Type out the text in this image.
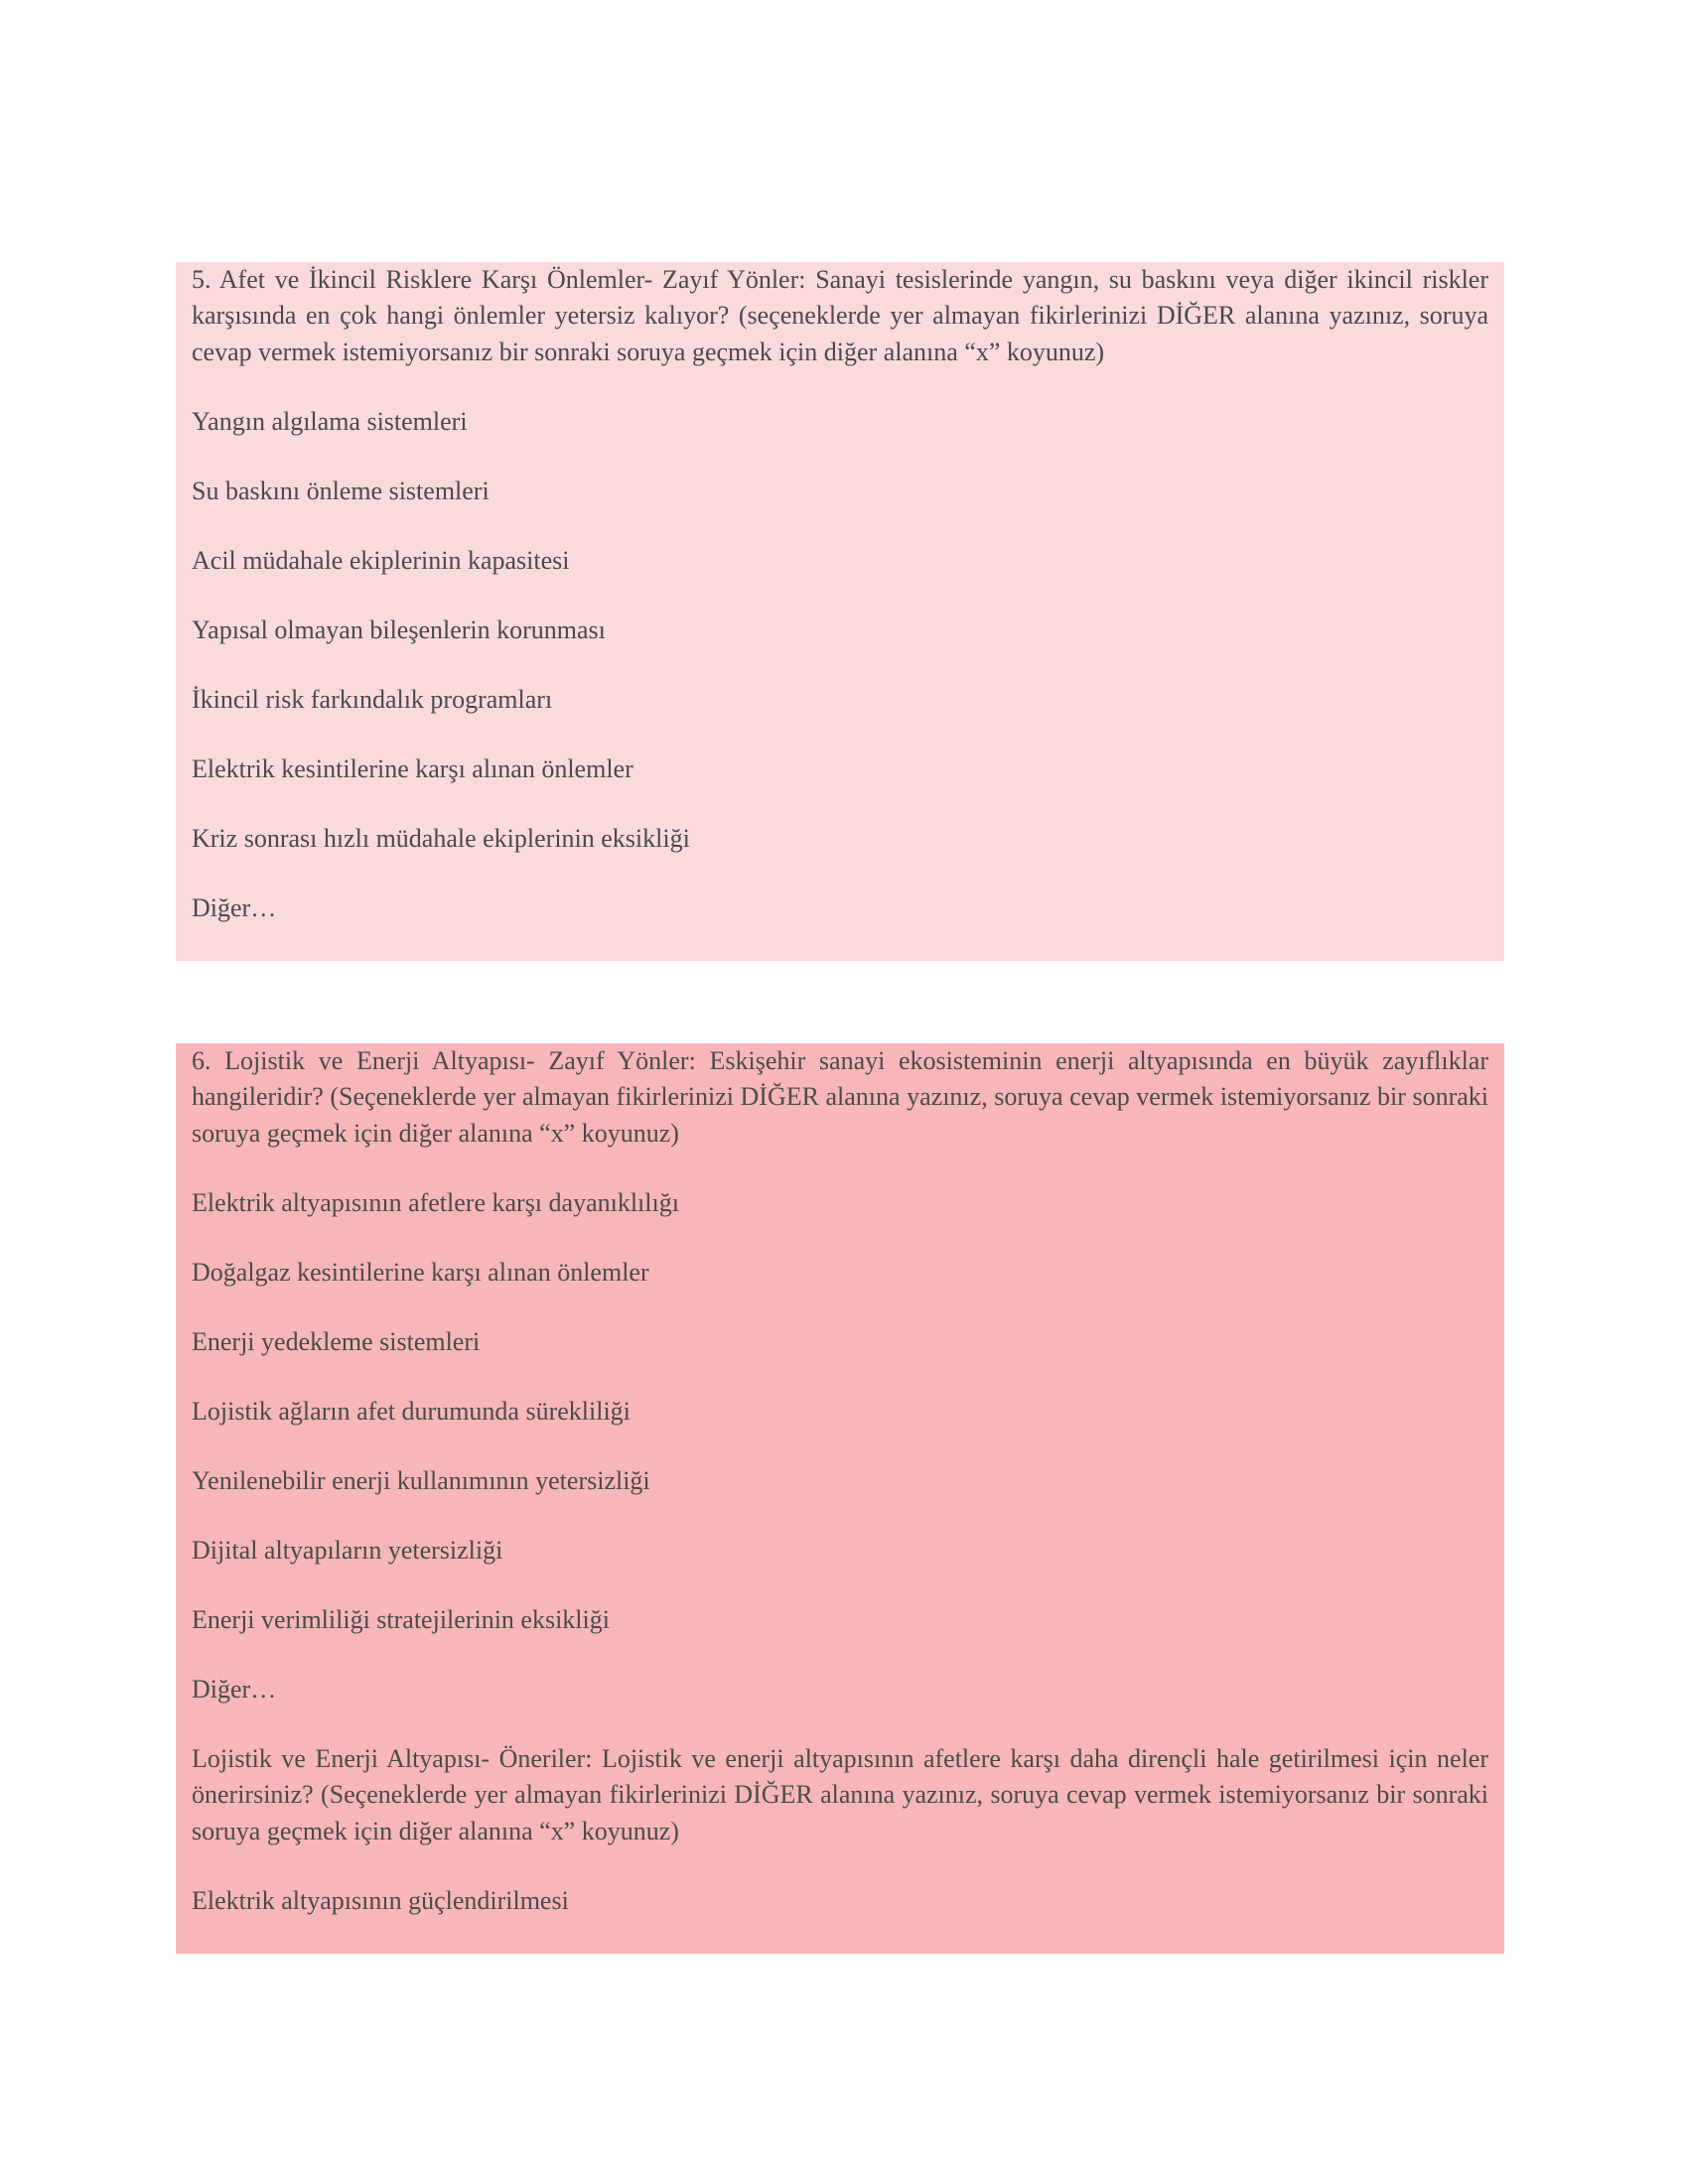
5. Afet ve İkincil Risklere Karşı Önlemler- Zayıf Yönler: Sanayi tesislerinde yangın, su baskını veya diğer ikincil riskler karşısında en çok hangi önlemler yetersiz kalıyor? (seçeneklerde yer almayan fikirlerinizi DİĞER alanına yazınız, soruya cevap vermek istemiyorsanız bir sonraki soruya geçmek için diğer alanına “x” koyunuz)

Yangın algılama sistemleri

Su baskını önleme sistemleri

Acil müdahale ekiplerinin kapasitesi

Yapısal olmayan bileşenlerin korunması

İkincil risk farkındalık programları

Elektrik kesintilerine karşı alınan önlemler

Kriz sonrası hızlı müdahale ekiplerinin eksikliği

Diğer…

6. Lojistik ve Enerji Altyapısı- Zayıf Yönler: Eskişehir sanayi ekosisteminin enerji altyapısında en büyük zayıflıklar hangileridir? (Seçeneklerde yer almayan fikirlerinizi DİĞER alanına yazınız, soruya cevap vermek istemiyorsanız bir sonraki soruya geçmek için diğer alanına “x” koyunuz)

Elektrik altyapısının afetlere karşı dayanıklılığı

Doğalgaz kesintilerine karşı alınan önlemler

Enerji yedekleme sistemleri

Lojistik ağların afet durumunda sürekliliği

Yenilenebilir enerji kullanımının yetersizliği

Dijital altyapıların yetersizliği

Enerji verimliliği stratejilerinin eksikliği

Diğer…

Lojistik ve Enerji Altyapısı- Öneriler: Lojistik ve enerji altyapısının afetlere karşı daha dirençli hale getirilmesi için neler önerirsiniz? (Seçeneklerde yer almayan fikirlerinizi DİĞER alanına yazınız, soruya cevap vermek istemiyorsanız bir sonraki soruya geçmek için diğer alanına “x” koyunuz)

Elektrik altyapısının güçlendirilmesi
